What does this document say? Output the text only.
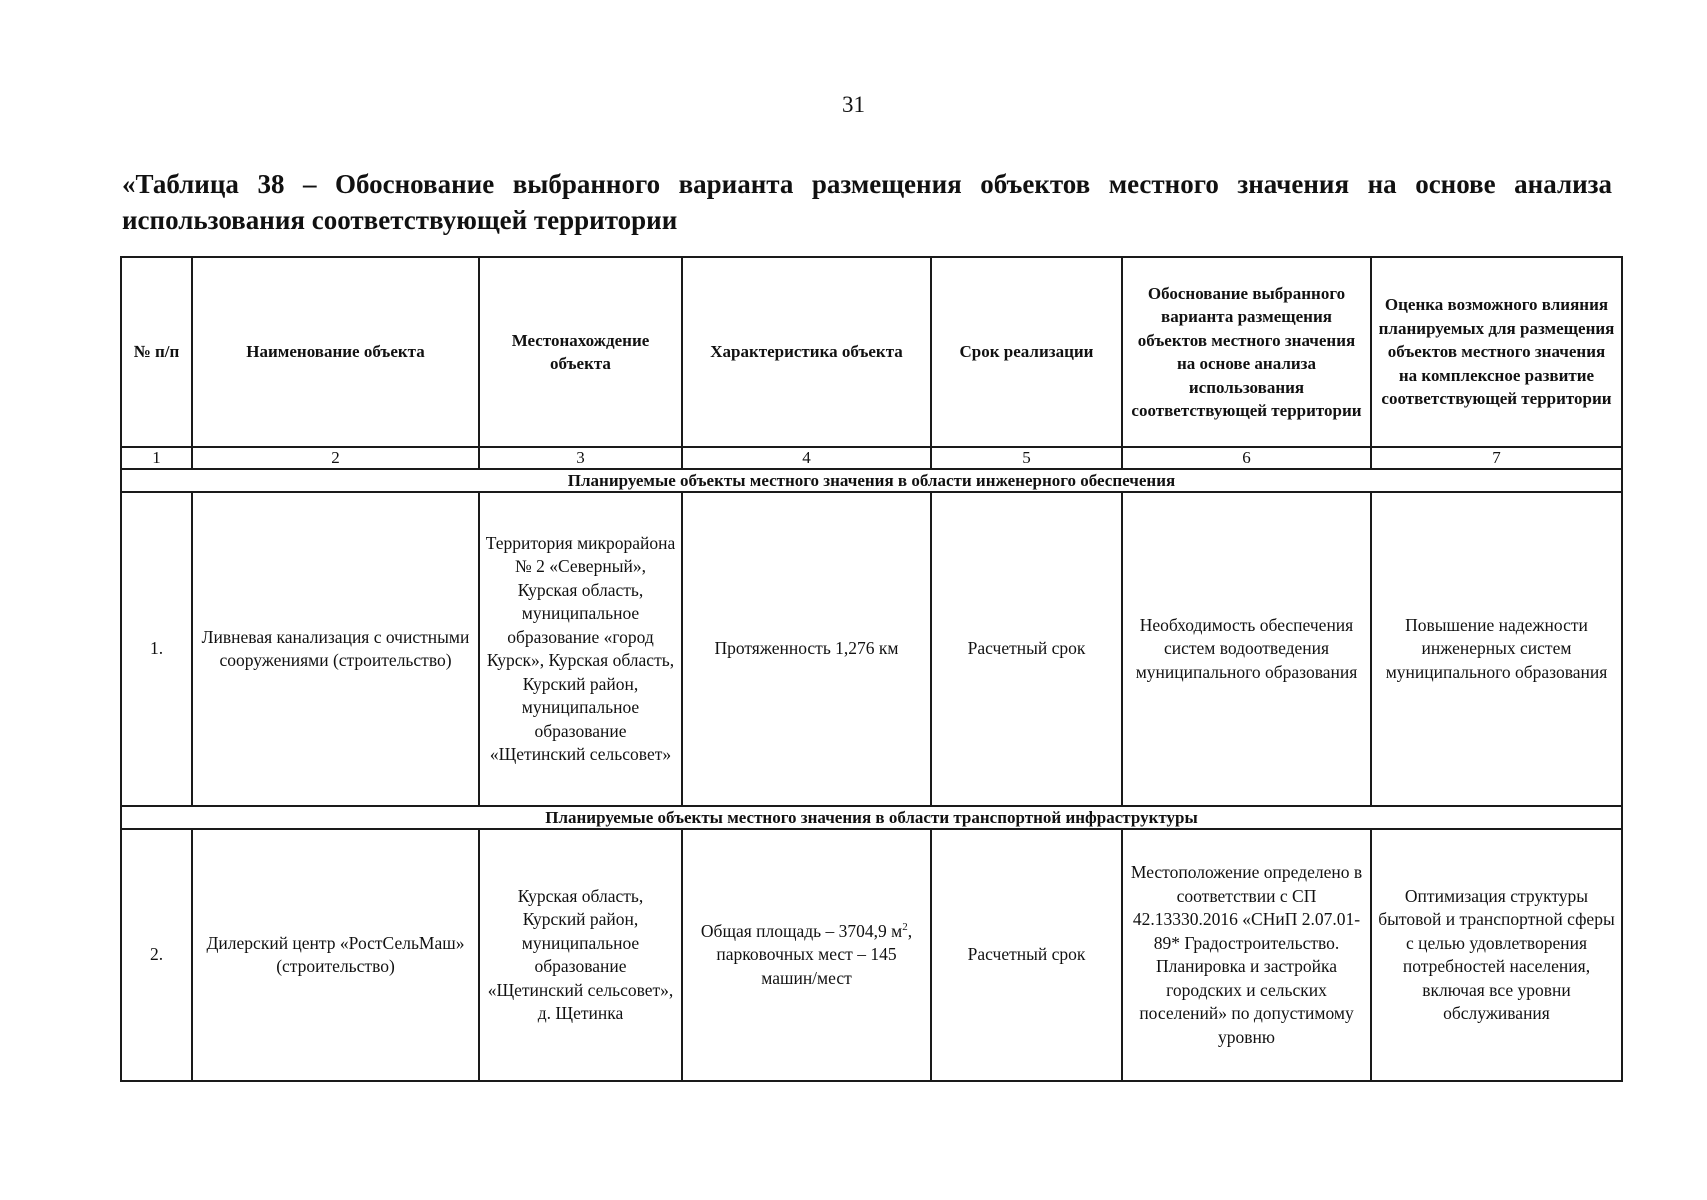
31
«Таблица 38 – Обоснование выбранного варианта размещения объектов местного значения на основе анализа использования соответствующей территории
№ п/п	Наименование объекта	Местонахождение объекта	Характеристика объекта	Срок реализации	Обоснование выбранного варианта размещения объектов местного значения на основе анализа использования соответствующей территории	Оценка возможного влияния планируемых для размещения объектов местного значения на комплексное развитие соответствующей территории
1	2	3	4	5	6	7
Планируемые объекты местного значения в области инженерного обеспечения						
1.	Ливневая канализация с очистными сооружениями (строительство)	Территория микрорайона № 2 «Северный», Курская область, муниципальное образование «город Курск», Курская область, Курский район, муниципальное образование «Щетинский сельсовет»	Протяженность 1,276 км	Расчетный срок	Необходимость обеспечения систем водоотведения муниципального образования	Повышение надежности инженерных систем муниципального образования
Планируемые объекты местного значения в области транспортной инфраструктуры						
2.	Дилерский центр «РостСельМаш» (строительство)	Курская область, Курский район, муниципальное образование «Щетинский сельсовет», д. Щетинка	Общая площадь – 3704,9 $м^2$, парковочных мест – 145 машин/мест	Расчетный срок	Местоположение определено в соответствии с СП 42.13330.2016 «СНиП 2.07.01-89* Градостроительство. Планировка и застройка городских и сельских поселений» по допустимому уровню	Оптимизация структуры бытовой и транспортной сферы с целью удовлетворения потребностей населения, включая все уровни обслуживания
